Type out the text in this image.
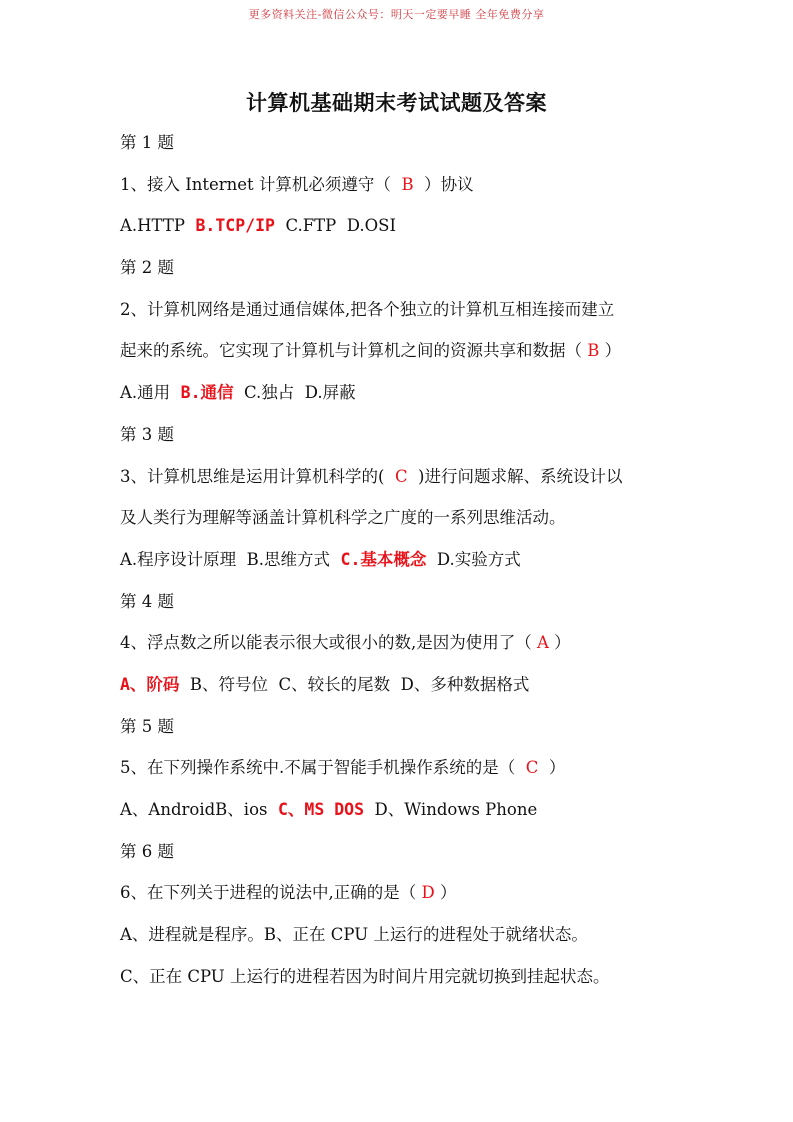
更多资料关注-微信公众号：明天一定要早睡 全年免费分享
计算机基础期末考试试题及答案
第 1 题
1、接入 Internet 计算机必须遵守（  B  ）协议
A.HTTP  B.TCP/IP  C.FTP  D.OSI
第 2 题
2、计算机网络是通过通信媒体,把各个独立的计算机互相连接而建立
起来的系统。它实现了计算机与计算机之间的资源共享和数据（ B ）
A.通用  B.通信  C.独占  D.屏蔽
第 3 题
3、计算机思维是运用计算机科学的(  C  )进行问题求解、系统设计以
及人类行为理解等涵盖计算机科学之广度的一系列思维活动。
A.程序设计原理  B.思维方式  C.基本概念  D.实验方式
第 4 题
4、浮点数之所以能表示很大或很小的数,是因为使用了（ A ）
A、阶码  B、符号位  C、较长的尾数  D、多种数据格式
第 5 题
5、在下列操作系统中.不属于智能手机操作系统的是（  C  ）
A、AndroidB、ios  C、MS DOS  D、Windows Phone
第 6 题
6、在下列关于进程的说法中,正确的是（ D ）
A、进程就是程序。B、正在 CPU 上运行的进程处于就绪状态。
C、正在 CPU 上运行的进程若因为时间片用完就切换到挂起状态。
